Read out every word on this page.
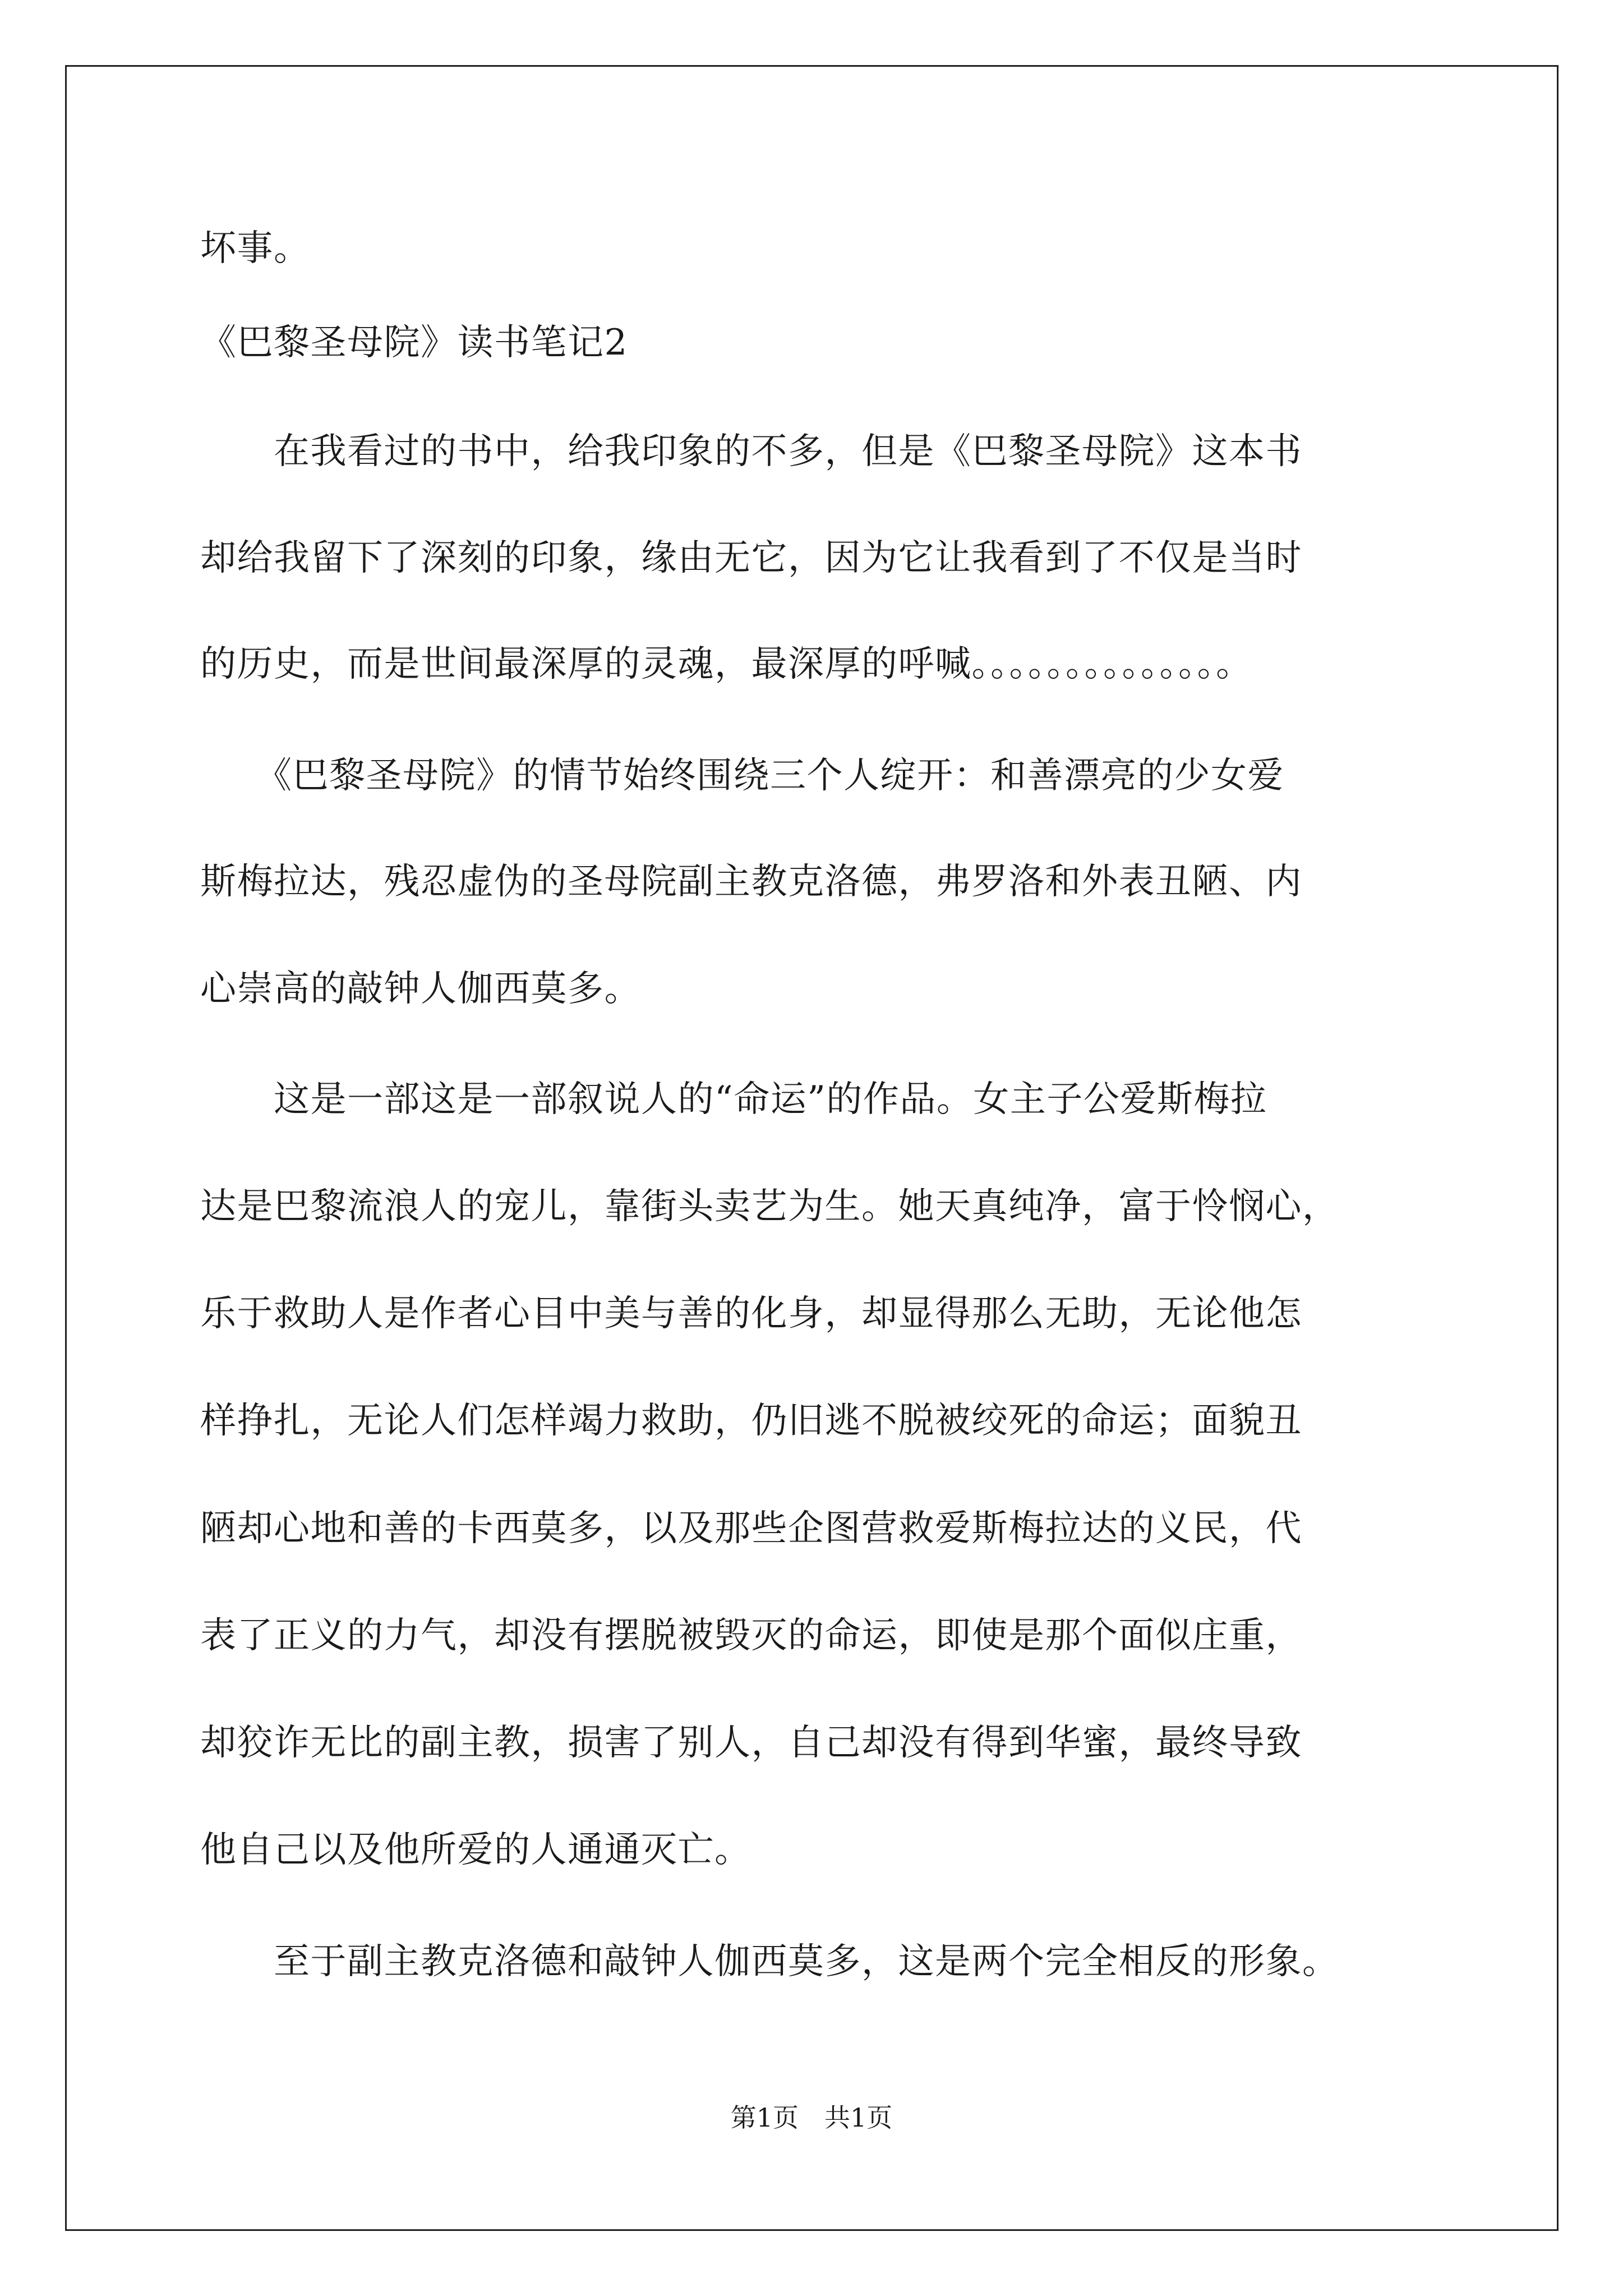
坏事。
《巴黎圣母院》读书笔记2
　　在我看过的书中，给我印象的不多，但是《巴黎圣母院》这本书
却给我留下了深刻的印象，缘由无它，因为它让我看到了不仅是当时
的历史，而是世间最深厚的灵魂，最深厚的呼喊。。。。。。。。。。。。。。
　　《巴黎圣母院》的情节始终围绕三个人绽开：和善漂亮的少女爱
斯梅拉达，残忍虚伪的圣母院副主教克洛德，弗罗洛和外表丑陋、内
心崇高的敲钟人伽西莫多。
　　这是一部这是一部叙说人的“命运”的作品。女主子公爱斯梅拉
达是巴黎流浪人的宠儿，靠街头卖艺为生。她天真纯净，富于怜悯心，
乐于救助人是作者心目中美与善的化身，却显得那么无助，无论他怎
样挣扎，无论人们怎样竭力救助，仍旧逃不脱被绞死的命运；面貌丑
陋却心地和善的卡西莫多，以及那些企图营救爱斯梅拉达的义民，代
表了正义的力气，却没有摆脱被毁灭的命运，即使是那个面似庄重，
却狡诈无比的副主教，损害了别人，自己却没有得到华蜜，最终导致
他自己以及他所爱的人通通灭亡。
　　至于副主教克洛德和敲钟人伽西莫多，这是两个完全相反的形象。
第1页　共1页
